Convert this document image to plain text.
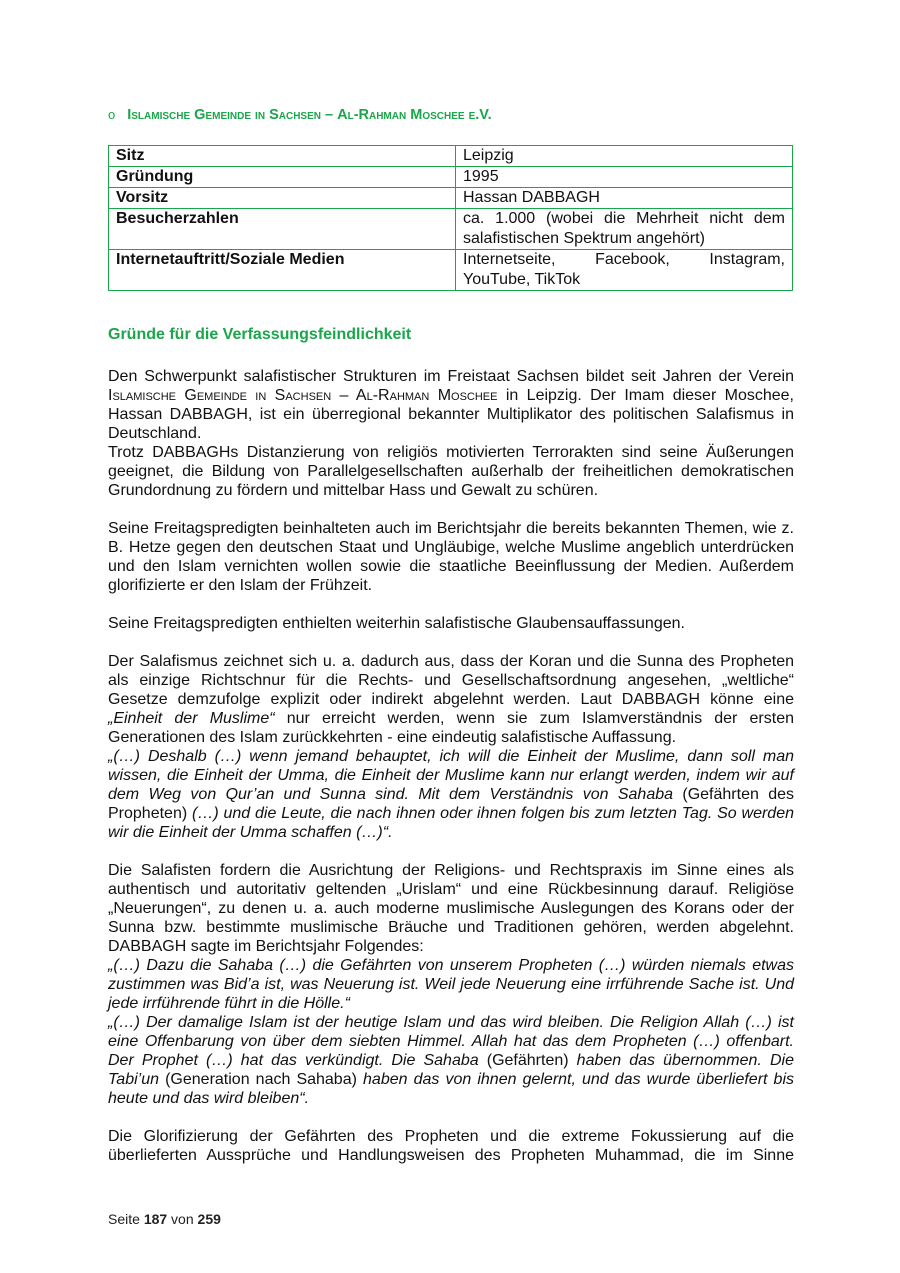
o Islamische Gemeinde in Sachsen – Al-Rahman Moschee e.V.
Sitz	Leipzig
Gründung	1995
Vorsitz	Hassan DABBAGH
Besucherzahlen	ca. 1.000 (wobei die Mehrheit nicht dem salafistischen Spektrum angehört)
Internetauftritt/Soziale Medien	Internetseite, Facebook, Instagram, YouTube, TikTok
Gründe für die Verfassungsfeindlichkeit

Den Schwerpunkt salafistischer Strukturen im Freistaat Sachsen bildet seit Jahren der Verein Islamische Gemeinde in Sachsen – Al-Rahman Moschee in Leipzig. Der Imam dieser Moschee, Hassan DABBAGH, ist ein überregional bekannter Multiplikator des politischen Salafismus in Deutschland.

Trotz DABBAGHs Distanzierung von religiös motivierten Terrorakten sind seine Äußerungen geeignet, die Bildung von Parallelgesellschaften außerhalb der freiheitlichen demokratischen Grundordnung zu fördern und mittelbar Hass und Gewalt zu schüren.

Seine Freitagspredigten beinhalteten auch im Berichtsjahr die bereits bekannten Themen, wie z. B. Hetze gegen den deutschen Staat und Ungläubige, welche Muslime angeblich unterdrücken und den Islam vernichten wollen sowie die staatliche Beeinflussung der Medien. Außerdem glorifizierte er den Islam der Frühzeit.

Seine Freitagspredigten enthielten weiterhin salafistische Glaubensauffassungen.

Der Salafismus zeichnet sich u. a. dadurch aus, dass der Koran und die Sunna des Propheten als einzige Richtschnur für die Rechts- und Gesellschaftsordnung angesehen, „weltliche“ Gesetze demzufolge explizit oder indirekt abgelehnt werden. Laut DABBAGH könne eine „Einheit der Muslime“ nur erreicht werden, wenn sie zum Islamverständnis der ersten Generationen des Islam zurückkehrten - eine eindeutig salafistische Auffassung.

„(…) Deshalb (…) wenn jemand behauptet, ich will die Einheit der Muslime, dann soll man wissen, die Einheit der Umma, die Einheit der Muslime kann nur erlangt werden, indem wir auf dem Weg von Qur’an und Sunna sind. Mit dem Verständnis von Sahaba (Gefährten des Propheten) (…) und die Leute, die nach ihnen oder ihnen folgen bis zum letzten Tag. So werden wir die Einheit der Umma schaffen (…)“.

Die Salafisten fordern die Ausrichtung der Religions- und Rechtspraxis im Sinne eines als authentisch und autoritativ geltenden „Urislam“ und eine Rückbesinnung darauf. Religiöse „Neuerungen“, zu denen u. a. auch moderne muslimische Auslegungen des Korans oder der Sunna bzw. bestimmte muslimische Bräuche und Traditionen gehören, werden abgelehnt. DABBAGH sagte im Berichtsjahr Folgendes:

„(…) Dazu die Sahaba (…) die Gefährten von unserem Propheten (…) würden niemals etwas zustimmen was Bid’a ist, was Neuerung ist. Weil jede Neuerung eine irrführende Sache ist. Und jede irrführende führt in die Hölle.“

„(…) Der damalige Islam ist der heutige Islam und das wird bleiben. Die Religion Allah (…) ist eine Offenbarung von über dem siebten Himmel. Allah hat das dem Propheten (…) offenbart. Der Prophet (…) hat das verkündigt. Die Sahaba (Gefährten) haben das übernommen. Die Tabi’un (Generation nach Sahaba) haben das von ihnen gelernt, und das wurde überliefert bis heute und das wird bleiben“.

Die Glorifizierung der Gefährten des Propheten und die extreme Fokussierung auf die überlieferten Aussprüche und Handlungsweisen des Propheten Muhammad, die im Sinne

Seite 187 von 259
